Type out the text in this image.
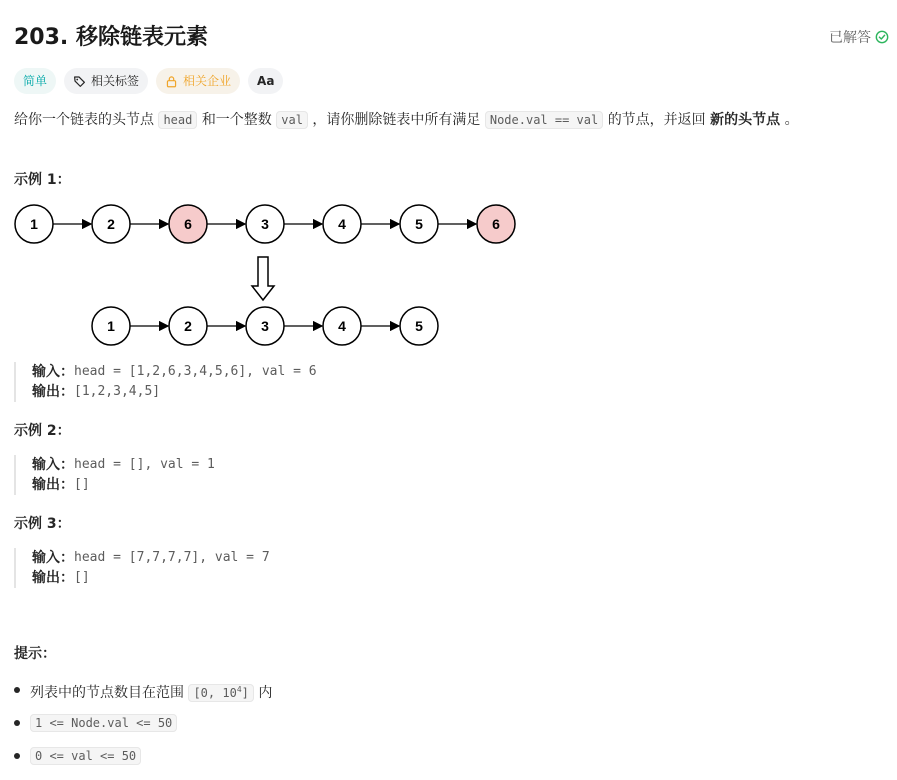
203. 移除链表元素	已解答
简单	相关标签	相关企业 Aa

给你一个链表的头节点 head 和一个整数 val ，请你删除链表中所有满足 Node.val == val 的节点，并返回 新的头节点 。

示例 1：
1	2	6	3	4	5	6
1	2	3	4	5
输入： head = [1,2,6,3,4,5,6], val = 6
输出： [1,2,3,4,5]
示例 2：
输入： head = [], val = 1
输出： []
示例 3：
输入： head = [7,7,7,7], val = 7
输出： []
提示：
列表中的节点数目在范围 [0, $10^4$] 内
1 <= Node.val <= 50
0 <= val <= 50
